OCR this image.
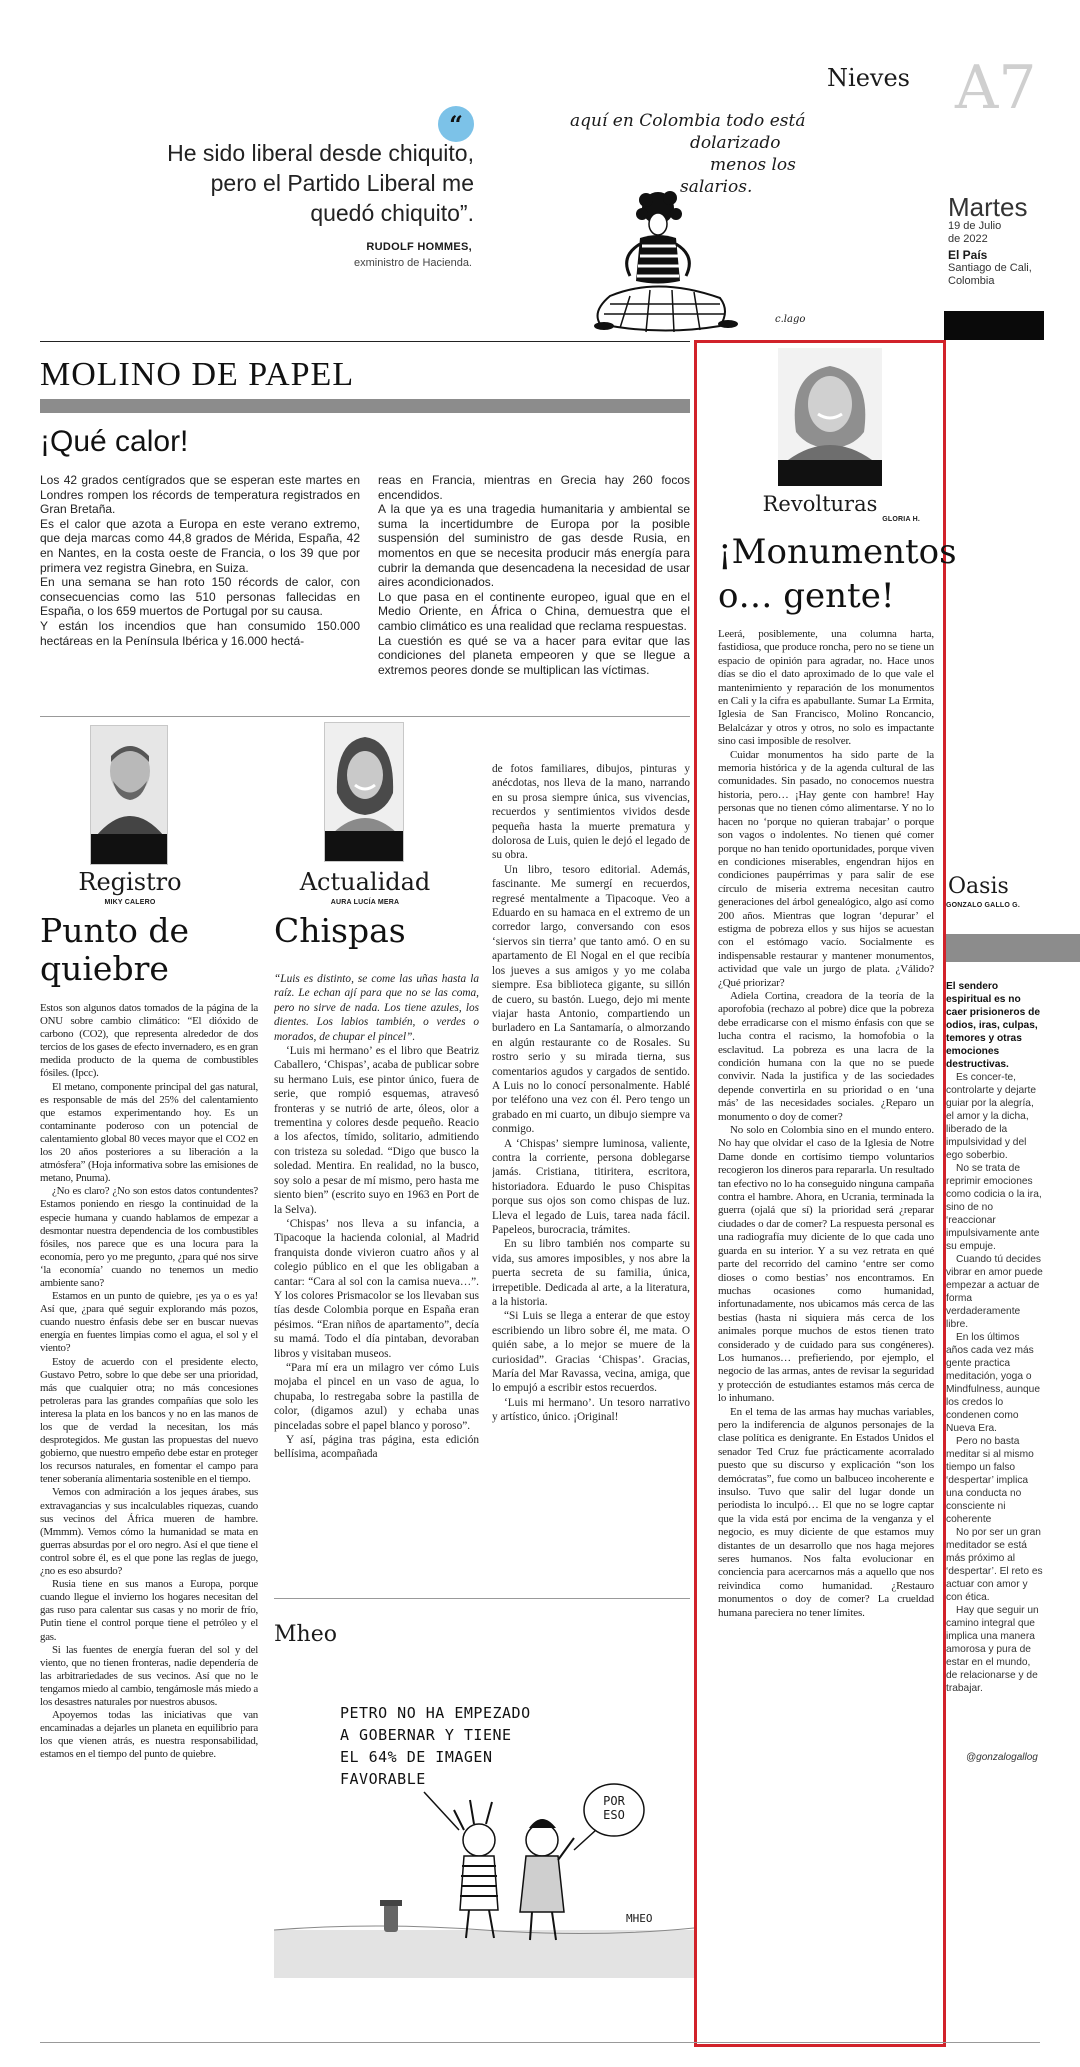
“
He sido liberal desde chiquito,
pero el Partido Liberal me
quedó chiquito”.
RUDOLF HOMMES,
exministro de Hacienda.
Nieves A7
aquí en Colombia todo está
dolarizado
menos los
salarios.
c.lago
Martes
19 de Julio
de 2022
El País
Santiago de Cali,
Colombia
MOLINO DE PAPEL
¡Qué calor!

Los 42 grados centígrados que se esperan este martes en Londres rompen los récords de temperatura registrados en Gran Bretaña.

Es el calor que azota a Europa en este verano extremo, que deja marcas como 44,8 grados de Mérida, España, 42 en Nantes, en la costa oeste de Francia, o los 39 que por primera vez registra Ginebra, en Suiza.

En una semana se han roto 150 récords de calor, con consecuencias como las 510 personas fallecidas en España, o los 659 muertos de Portugal por su causa.

Y están los incendios que han consumido 150.000 hectáreas en la Península Ibérica y 16.000 hectá-

reas en Francia, mientras en Grecia hay 260 focos encendidos.

A la que ya es una tragedia humanitaria y ambiental se suma la incertidumbre de Europa por la posible suspensión del suministro de gas desde Rusia, en momentos en que se necesita producir más energía para cubrir la demanda que desencadena la necesidad de usar aires acondicionados.

Lo que pasa en el continente europeo, igual que en el Medio Oriente, en África o China, demuestra que el cambio climático es una realidad que reclama respuestas.

La cuestión es qué se va a hacer para evitar que las condiciones del planeta empeoren y que se llegue a extremos peores donde se multiplican las víctimas.

Registro
MIKY CALERO
Punto de quiebre

Estos son algunos datos tomados de la página de la ONU sobre cambio climático: “El dióxido de carbono (CO2), que representa alrededor de dos tercios de los gases de efecto invernadero, es en gran medida producto de la quema de combustibles fósiles. (Ipcc).

El metano, componente principal del gas natural, es responsable de más del 25% del calentamiento que estamos experimentando hoy. Es un contaminante poderoso con un potencial de calentamiento global 80 veces mayor que el CO2 en los 20 años posteriores a su liberación a la atmósfera” (Hoja informativa sobre las emisiones de metano, Pnuma).

¿No es claro? ¿No son estos datos contundentes? Estamos poniendo en riesgo la continuidad de la especie humana y cuando hablamos de empezar a desmontar nuestra dependencia de los combustibles fósiles, nos parece que es una locura para la economía, pero yo me pregunto, ¿para qué nos sirve ‘la economía’ cuando no tenemos un medio ambiente sano?

Estamos en un punto de quiebre, ¡es ya o es ya! Así que, ¿para qué seguir explorando más pozos, cuando nuestro énfasis debe ser en buscar nuevas energía en fuentes limpias como el agua, el sol y el viento?

Estoy de acuerdo con el presidente electo, Gustavo Petro, sobre lo que debe ser una prioridad, más que cualquier otra; no más concesiones petroleras para las grandes compañías que solo les interesa la plata en los bancos y no en las manos de los que de verdad la necesitan, los más desprotegidos. Me gustan las propuestas del nuevo gobierno, que nuestro empeño debe estar en proteger los recursos naturales, en fomentar el campo para tener soberanía alimentaria sostenible en el tiempo.

Vemos con admiración a los jeques árabes, sus extravagancias y sus incalculables riquezas, cuando sus vecinos del África mueren de hambre. (Mmmm). Vemos cómo la humanidad se mata en guerras absurdas por el oro negro. Así el que tiene el control sobre él, es el que pone las reglas de juego, ¿no es eso absurdo?

Rusia tiene en sus manos a Europa, porque cuando llegue el invierno los hogares necesitan del gas ruso para calentar sus casas y no morir de frío, Putin tiene el control porque tiene el petróleo y el gas.

Si las fuentes de energía fueran del sol y del viento, que no tienen fronteras, nadie dependería de las arbitrariedades de sus vecinos. Así que no le tengamos miedo al cambio, tengámosle más miedo a los desastres naturales por nuestros abusos.

Apoyemos todas las iniciativas que van encaminadas a dejarles un planeta en equilibrio para los que vienen atrás, es nuestra responsabilidad, estamos en el tiempo del punto de quiebre.

Actualidad
AURA LUCÍA MERA
Chispas

“Luis es distinto, se come las uñas hasta la raíz. Le echan ají para que no se las coma, pero no sirve de nada. Los tiene azules, los dientes. Los labios también, o verdes o morados, de chupar el pincel”.

‘Luis mi hermano’ es el libro que Beatriz Caballero, ‘Chispas’, acaba de publicar sobre su hermano Luis, ese pintor único, fuera de serie, que rompió esquemas, atravesó fronteras y se nutrió de arte, óleos, olor a trementina y colores desde pequeño. Reacio a los afectos, tímido, solitario, admitiendo con tristeza su soledad. “Digo que busco la soledad. Mentira. En realidad, no la busco, soy solo a pesar de mí mismo, pero hasta me siento bien” (escrito suyo en 1963 en Port de la Selva).

‘Chispas’ nos lleva a su infancia, a Tipacoque la hacienda colonial, al Madrid franquista donde vivieron cuatro años y al colegio público en el que les obligaban a cantar: “Cara al sol con la camisa nueva…”. Y los colores Prismacolor se los llevaban sus tías desde Colombia porque en España eran pésimos. “Eran niños de apartamento”, decía su mamá. Todo el día pintaban, devoraban libros y visitaban museos.

“Para mí era un milagro ver cómo Luis mojaba el pincel en un vaso de agua, lo chupaba, lo restregaba sobre la pastilla de color, (digamos azul) y echaba unas pinceladas sobre el papel blanco y poroso”.

Y así, página tras página, esta edición bellísima, acompañada

de fotos familiares, dibujos, pinturas y anécdotas, nos lleva de la mano, narrando en su prosa siempre única, sus vivencias, recuerdos y sentimientos vividos desde pequeña hasta la muerte prematura y dolorosa de Luis, quien le dejó el legado de su obra.

Un libro, tesoro editorial. Además, fascinante. Me sumergí en recuerdos, regresé mentalmente a Tipacoque. Veo a Eduardo en su hamaca en el extremo de un corredor largo, conversando con esos ‘siervos sin tierra’ que tanto amó. O en su apartamento de El Nogal en el que recibía los jueves a sus amigos y yo me colaba siempre. Esa biblioteca gigante, su sillón de cuero, su bastón. Luego, dejo mi mente viajar hasta Antonio, compartiendo un burladero en La Santamaría, o almorzando en algún restaurante co de Rosales. Su rostro serio y su mirada tierna, sus comentarios agudos y cargados de sentido. A Luis no lo conocí personalmente. Hablé por teléfono una vez con él. Pero tengo un grabado en mi cuarto, un dibujo siempre va conmigo.

A ‘Chispas’ siempre luminosa, valiente, contra la corriente, persona doblegarse jamás. Cristiana, titiritera, escritora, historiadora. Eduardo le puso Chispitas porque sus ojos son como chispas de luz. Lleva el legado de Luis, tarea nada fácil. Papeleos, burocracia, trámites.

En su libro también nos comparte su vida, sus amores imposibles, y nos abre la puerta secreta de su familia, única, irrepetible. Dedicada al arte, a la literatura, a la historia.

“Si Luis se llega a enterar de que estoy escribiendo un libro sobre él, me mata. O quién sabe, a lo mejor se muere de la curiosidad”. Gracias ‘Chispas’. Gracias, María del Mar Ravassa, vecina, amiga, que lo empujó a escribir estos recuerdos.

‘Luis mi hermano’. Un tesoro narrativo y artístico, único. ¡Original!

Mheo
PETRO NO HA EMPEZADO
A GOBERNAR Y TIENE
EL 64% DE IMAGEN
FAVORABLE
POR
ESO
MHEO
Revolturas
GLORIA H.
¡Monumentos o… gente!

Leerá, posiblemente, una columna harta, fastidiosa, que produce roncha, pero no se tiene un espacio de opinión para agradar, no. Hace unos días se dio el dato aproximado de lo que vale el mantenimiento y reparación de los monumentos en Cali y la cifra es apabullante. Sumar La Ermita, Iglesia de San Francisco, Molino Roncancio, Belalcázar y otros y otros, no solo es impactante sino casi imposible de resolver.

Cuidar monumentos ha sido parte de la memoria histórica y de la agenda cultural de las comunidades. Sin pasado, no conocemos nuestra historia, pero… ¡Hay gente con hambre! Hay personas que no tienen cómo alimentarse. Y no lo hacen no ‘porque no quieran trabajar’ o porque son vagos o indolentes. No tienen qué comer porque no han tenido oportunidades, porque viven en condiciones miserables, engendran hijos en condiciones paupérrimas y para salir de ese círculo de miseria extrema necesitan cautro generaciones del árbol genealógico, algo así como 200 años. Mientras que logran ‘depurar’ el estigma de pobreza ellos y sus hijos se acuestan con el estómago vacío. Socialmente es indispensable restaurar y mantener monumentos, actividad que vale un jurgo de plata. ¿Válido? ¿Qué priorizar?

Adiela Cortina, creadora de la teoría de la aporofobia (rechazo al pobre) dice que la pobreza debe erradicarse con el mismo énfasis con que se lucha contra el racismo, la homofobia o la esclavitud. La pobreza es una lacra de la condición humana con la que no se puede convivir. Nada la justifica y de las sociedades depende convertirla en su prioridad o en ‘una más’ de las necesidades sociales. ¿Reparo un monumento o doy de comer?

No solo en Colombia sino en el mundo entero. No hay que olvidar el caso de la Iglesia de Notre Dame donde en cortísimo tiempo voluntarios recogieron los dineros para repararla. Un resultado tan efectivo no lo ha conseguido ninguna campaña contra el hambre. Ahora, en Ucrania, terminada la guerra (ojalá que sí) la prioridad será ¿reparar ciudades o dar de comer? La respuesta personal es una radiografía muy diciente de lo que cada uno guarda en su interior. Y a su vez retrata en qué parte del recorrido del camino ‘entre ser como dioses o como bestias’ nos encontramos. En muchas ocasiones como humanidad, infortunadamente, nos ubicamos más cerca de las bestias (hasta ni siquiera más cerca de los animales porque muchos de estos tienen trato considerado y de cuidado para sus congéneres). Los humanos… prefieriendo, por ejemplo, el negocio de las armas, antes de revisar la seguridad y protección de estudiantes estamos más cerca de lo inhumano.

En el tema de las armas hay muchas variables, pero la indiferencia de algunos personajes de la clase política es denigrante. En Estados Unidos el senador Ted Cruz fue prácticamente acorralado puesto que su discurso y explicación “son los demócratas”, fue como un balbuceo incoherente e insulso. Tuvo que salir del lugar donde un periodista lo inculpó… El que no se logre captar que la vida está por encima de la venganza y el negocio, es muy diciente de que estamos muy distantes de un desarrollo que nos haga mejores seres humanos. Nos falta evolucionar en conciencia para acercarnos más a aquello que nos reivindica como humanidad. ¿Restauro monumentos o doy de comer? La crueldad humana pareciera no tener límites.

Oasis
GONZALO GALLO G.

El sendero espiritual es no caer prisioneros de odios, iras, culpas, temores y otras emociones destructivas.

Es concer-te, controlarte y dejarte guiar por la alegría, el amor y la dicha, liberado de la impulsividad y del ego soberbio.

No se trata de reprimir emociones como codicia o la ira, sino de no ‘reaccionar impulsivamente ante su empuje.

Cuando tú decides vibrar en amor puede empezar a actuar de forma verdaderamente libre.

En los últimos años cada vez más gente practica meditación, yoga o Mindfulness, aunque los credos lo condenen como Nueva Era.

Pero no basta meditar si al mismo tiempo un falso ‘despertar’ implica una conducta no consciente ni coherente

No por ser un gran meditador se está más próximo al ‘despertar’. El reto es actuar con amor y con ética.

Hay que seguir un camino integral que implica una manera amorosa y pura de estar en el mundo, de relacionarse y de trabajar.

@gonzalogallog
